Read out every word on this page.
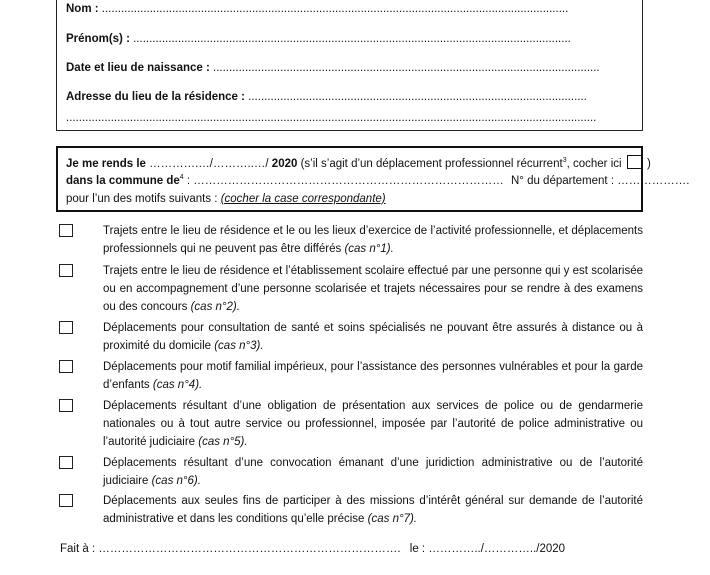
Nom : ..................................................................................................................................................
Prénom(s) : .........................................................................................................................................
Date et lieu de naissance : .........................................................................................................................
Adresse du lieu de la résidence : ..........................................................................................................
......................................................................................................................................................................
Je me rends le ………….…/………..…/ 2020 (s’il s’agit d’un déplacement professionnel récurrent$^3$, cocher ici )
dans la commune $de^4$ : ……………………………………………………………………… N° du département : ……………….
pour l’un des motifs suivants : (cocher la case correspondante)
Trajets entre le lieu de résidence et le ou les lieux d’exercice de l’activité professionnelle, et déplacements professionnels qui ne peuvent pas être différés (cas n°1).
Trajets entre le lieu de résidence et l’établissement scolaire effectué par une personne qui y est scolarisée ou en accompagnement d’une personne scolarisée et trajets nécessaires pour se rendre à des examens ou des concours (cas n°2).
Déplacements pour consultation de santé et soins spécialisés ne pouvant être assurés à distance ou à proximité du domicile (cas n°3).
Déplacements pour motif familial impérieux, pour l’assistance des personnes vulnérables et pour la garde d’enfants (cas n°4).
Déplacements résultant d’une obligation de présentation aux services de police ou de gendarmerie nationales ou à tout autre service ou professionnel, imposée par l’autorité de police administrative ou l’autorité judiciaire (cas n°5).
Déplacements résultant d’une convocation émanant d’une juridiction administrative ou de l’autorité judiciaire (cas n°6).
Déplacements aux seules fins de participer à des missions d’intérêt général sur demande de l’autorité administrative et dans les conditions qu’elle précise (cas n°7).
Fait à : ……………………………………………………………………. le : …………../…………../2020
